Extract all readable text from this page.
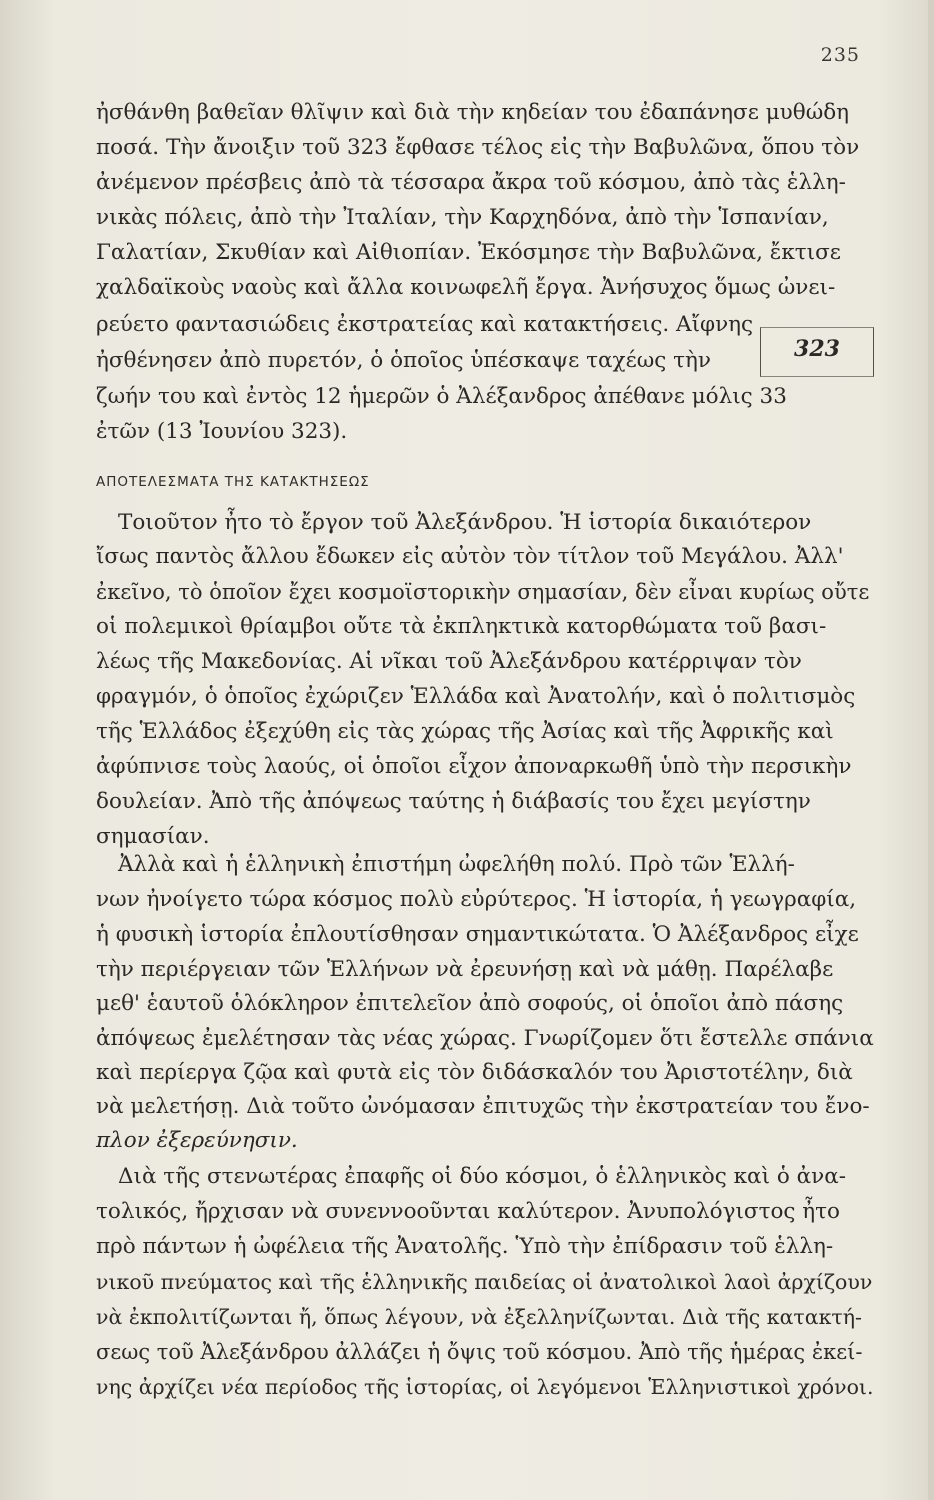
235
ἠσθάνθη βαθεῖαν θλῖψιν καὶ διὰ τὴν κηδείαν του ἐδαπάνησε μυθώδη
ποσά. Τὴν ἄνοιξιν τοῦ 323 ἔφθασε τέλος εἰς τὴν Βαβυλῶνα, ὅπου τὸν
ἀνέμενον πρέσβεις ἀπὸ τὰ τέσσαρα ἄκρα τοῦ κόσμου, ἀπὸ τὰς ἑλλη-
νικὰς πόλεις, ἀπὸ τὴν Ἰταλίαν, τὴν Καρχηδόνα, ἀπὸ τὴν Ἱσπανίαν,
Γαλατίαν, Σκυθίαν καὶ Αἰθιοπίαν. Ἐκόσμησε τὴν Βαβυλῶνα, ἔκτισε
χαλδαϊκοὺς ναοὺς καὶ ἄλλα κοινωφελῆ ἔργα. Ἀνήσυχος ὅμως ὠνει-
ρεύετο φαντασιώδεις ἐκστρατείας καὶ κατακτήσεις. Αἴφνης
ἠσθένησεν ἀπὸ πυρετόν, ὁ ὁποῖος ὑπέσκαψε ταχέως τὴν
ζωήν του καὶ ἐντὸς 12 ἡμερῶν ὁ Ἀλέξανδρος ἀπέθανε μόλις 33
ἐτῶν (13 Ἰουνίου 323).
323
ΑΠΟΤΕΛΕΣΜΑΤΑ ΤΗΣ ΚΑΤΑΚΤΗΣΕΩΣ
Τοιοῦτον ἦτο τὸ ἔργον τοῦ Ἀλεξάνδρου. Ἡ ἱστορία δικαιότερον
ἴσως παντὸς ἄλλου ἔδωκεν εἰς αὐτὸν τὸν τίτλον τοῦ Μεγάλου. Ἀλλ'
ἐκεῖνο, τὸ ὁποῖον ἔχει κοσμοϊστορικὴν σημασίαν, δὲν εἶναι κυρίως οὔτε
οἱ πολεμικοὶ θρίαμβοι οὔτε τὰ ἐκπληκτικὰ κατορθώματα τοῦ βασι-
λέως τῆς Μακεδονίας. Αἱ νῖκαι τοῦ Ἀλεξάνδρου κατέρριψαν τὸν
φραγμόν, ὁ ὁποῖος ἐχώριζεν Ἑλλάδα καὶ Ἀνατολήν, καὶ ὁ πολιτισμὸς
τῆς Ἑλλάδος ἐξεχύθη εἰς τὰς χώρας τῆς Ἀσίας καὶ τῆς Ἀφρικῆς καὶ
ἀφύπνισε τοὺς λαούς, οἱ ὁποῖοι εἶχον ἀποναρκωθῆ ὑπὸ τὴν περσικὴν
δουλείαν. Ἀπὸ τῆς ἀπόψεως ταύτης ἡ διάβασίς του ἔχει μεγίστην
σημασίαν.
Ἀλλὰ καὶ ἡ ἑλληνικὴ ἐπιστήμη ὠφελήθη πολύ. Πρὸ τῶν Ἑλλή-
νων ἠνοίγετο τώρα κόσμος πολὺ εὐρύτερος. Ἡ ἱστορία, ἡ γεωγραφία,
ἡ φυσικὴ ἱστορία ἐπλουτίσθησαν σημαντικώτατα. Ὁ Ἀλέξανδρος εἶχε
τὴν περιέργειαν τῶν Ἑλλήνων νὰ ἐρευνήσῃ καὶ νὰ μάθῃ. Παρέλαβε
μεθ' ἑαυτοῦ ὁλόκληρον ἐπιτελεῖον ἀπὸ σοφούς, οἱ ὁποῖοι ἀπὸ πάσης
ἀπόψεως ἐμελέτησαν τὰς νέας χώρας. Γνωρίζομεν ὅτι ἔστελλε σπάνια
καὶ περίεργα ζῷα καὶ φυτὰ εἰς τὸν διδάσκαλόν του Ἀριστοτέλην, διὰ
νὰ μελετήσῃ. Διὰ τοῦτο ὠνόμασαν ἐπιτυχῶς τὴν ἐκστρατείαν του ἔνο-
πλον ἐξερεύνησιν.
Διὰ τῆς στενωτέρας ἐπαφῆς οἱ δύο κόσμοι, ὁ ἑλληνικὸς καὶ ὁ ἀνα-
τολικός, ἤρχισαν νὰ συνεννοοῦνται καλύτερον. Ἀνυπολόγιστος ἦτο
πρὸ πάντων ἡ ὠφέλεια τῆς Ἀνατολῆς. Ὑπὸ τὴν ἐπίδρασιν τοῦ ἑλλη-
νικοῦ πνεύματος καὶ τῆς ἑλληνικῆς παιδείας οἱ ἀνατολικοὶ λαοὶ ἀρχίζουν
νὰ ἐκπολιτίζωνται ἤ, ὅπως λέγουν, νὰ ἐξελληνίζωνται. Διὰ τῆς κατακτή-
σεως τοῦ Ἀλεξάνδρου ἀλλάζει ἡ ὄψις τοῦ κόσμου. Ἀπὸ τῆς ἡμέρας ἐκεί-
νης ἀρχίζει νέα περίοδος τῆς ἱστορίας, οἱ λεγόμενοι Ἑλληνιστικοὶ χρόνοι.
